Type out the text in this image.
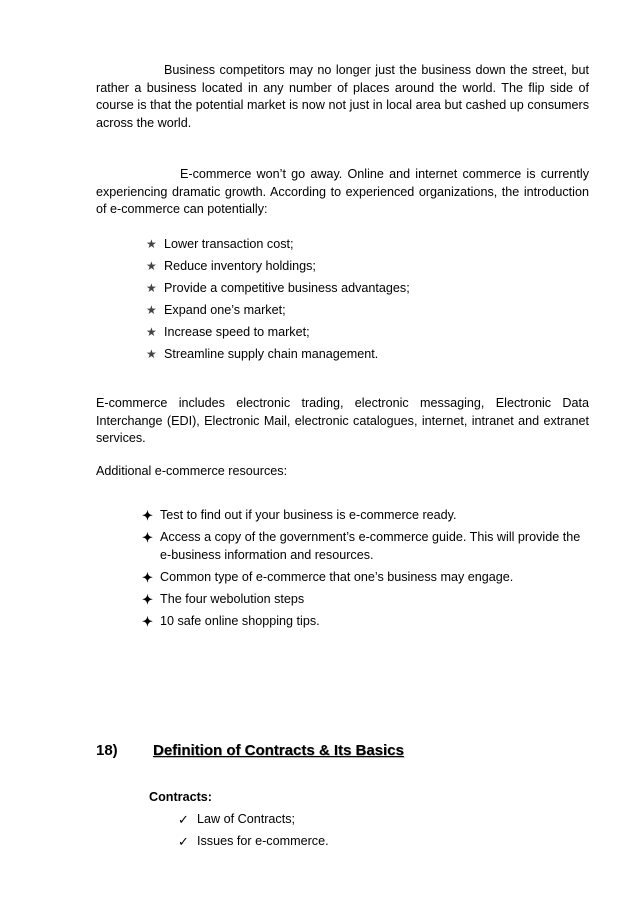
Business competitors may no longer just the business down the street, but rather a business located in any number of places around the world. The flip side of course is that the potential market is now not just in local area but cashed up consumers across the world.

E-commerce won’t go away. Online and internet commerce is currently experiencing dramatic growth. According to experienced organizations, the introduction of e-commerce can potentially:

★ Lower transaction cost;
★ Reduce inventory holdings;
★ Provide a competitive business advantages;
★ Expand one’s market;
★ Increase speed to market;
★ Streamline supply chain management.

E-commerce includes electronic trading, electronic messaging, Electronic Data Interchange (EDI), Electronic Mail, electronic catalogues, internet, intranet and extranet services.

Additional e-commerce resources:

✦ Test to find out if your business is e-commerce ready.
✦ Access a copy of the government’s e-commerce guide. This will provide the e-business information and resources.
✦ Common type of e-commerce that one’s business may engage.
✦ The four webolution steps
✦ 10 safe online shopping tips.
18) Definition of Contracts & Its Basics
Contracts:
✓ Law of Contracts;
✓ Issues for e-commerce.
